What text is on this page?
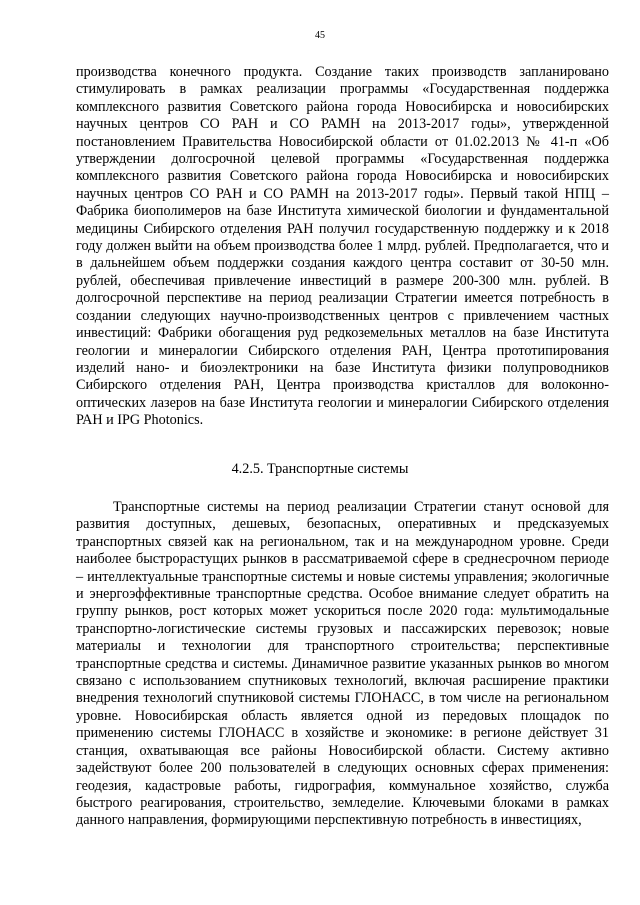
45

производства конечного продукта. Создание таких производств запланировано стимулировать в рамках реализации программы «Государственная поддержка комплексного развития Советского района города Новосибирска и новосибирских научных центров СО РАН и СО РАМН на 2013-2017 годы», утвержденной постановлением Правительства Новосибирской области от 01.02.2013 № 41-п «Об утверждении долгосрочной целевой программы «Государственная поддержка комплексного развития Советского района города Новосибирска и новосибирских научных центров СО РАН и СО РАМН на 2013-2017 годы». Первый такой НПЦ – Фабрика биополимеров на базе Института химической биологии и фундаментальной медицины Сибирского отделения РАН получил государственную поддержку и к 2018 году должен выйти на объем производства более 1 млрд. рублей. Предполагается, что и в дальнейшем объем поддержки создания каждого центра составит от 30-50 млн. рублей, обеспечивая привлечение инвестиций в размере 200-300 млн. рублей. В долгосрочной перспективе на период реализации Стратегии имеется потребность в создании следующих научно-производственных центров с привлечением частных инвестиций: Фабрики обогащения руд редкоземельных металлов на базе Института геологии и минералогии Сибирского отделения РАН, Центра прототипирования изделий нано- и биоэлектроники на базе Института физики полупроводников Сибирского отделения РАН, Центра производства кристаллов для волоконно-оптических лазеров на базе Института геологии и минералогии Сибирского отделения РАН и IPG Photonics.

4.2.5. Транспортные системы

Транспортные системы на период реализации Стратегии станут основой для развития доступных, дешевых, безопасных, оперативных и предсказуемых транспортных связей как на региональном, так и на международном уровне. Среди наиболее быстрорастущих рынков в рассматриваемой сфере в среднесрочном периоде – интеллектуальные транспортные системы и новые системы управления; экологичные и энергоэффективные транспортные средства. Особое внимание следует обратить на группу рынков, рост которых может ускориться после 2020 года: мультимодальные транспортно-логистические системы грузовых и пассажирских перевозок; новые материалы и технологии для транспортного строительства; перспективные транспортные средства и системы. Динамичное развитие указанных рынков во многом связано с использованием спутниковых технологий, включая расширение практики внедрения технологий спутниковой системы ГЛОНАСС, в том числе на региональном уровне. Новосибирская область является одной из передовых площадок по применению системы ГЛОНАСС в хозяйстве и экономике: в регионе действует 31 станция, охватывающая все районы Новосибирской области. Систему активно задействуют более 200 пользователей в следующих основных сферах применения: геодезия, кадастровые работы, гидрография, коммунальное хозяйство, служба быстрого реагирования, строительство, земледелие. Ключевыми блоками в рамках данного направления, формирующими перспективную потребность в инвестициях,
